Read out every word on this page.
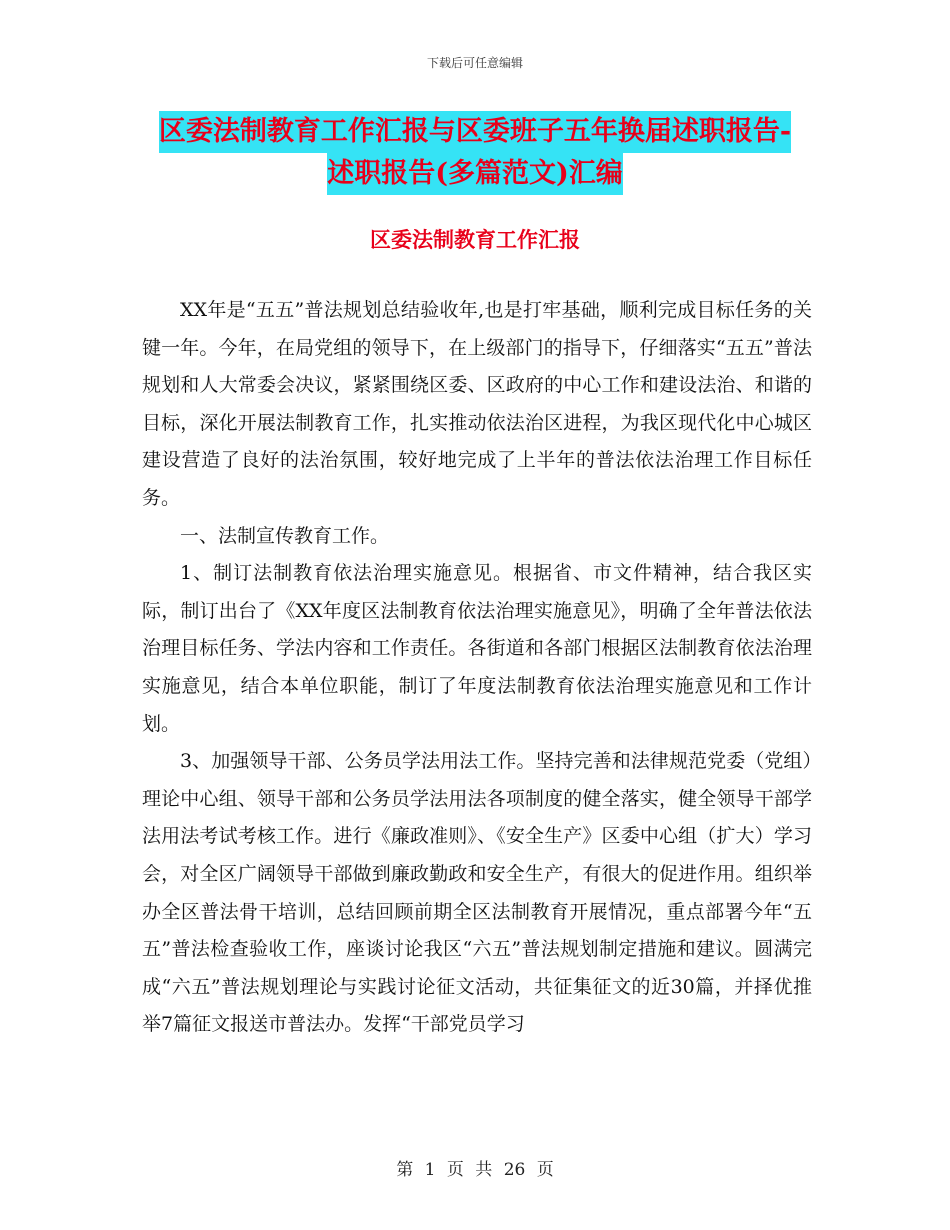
下载后可任意编辑
区委法制教育工作汇报与区委班子五年换届述职报告-
述职报告(多篇范文)汇编
区委法制教育工作汇报

XX年是“五五”普法规划总结验收年,也是打牢基础，顺利完成目标任务的关键一年。今年，在局党组的领导下，在上级部门的指导下，仔细落实“五五”普法规划和人大常委会决议，紧紧围绕区委、区政府的中心工作和建设法治、和谐的目标，深化开展法制教育工作，扎实推动依法治区进程，为我区现代化中心城区建设营造了良好的法治氛围，较好地完成了上半年的普法依法治理工作目标任务。

一、法制宣传教育工作。

1、制订法制教育依法治理实施意见。根据省、市文件精神，结合我区实际，制订出台了《XX年度区法制教育依法治理实施意见》，明确了全年普法依法治理目标任务、学法内容和工作责任。各街道和各部门根据区法制教育依法治理实施意见，结合本单位职能，制订了年度法制教育依法治理实施意见和工作计划。

3、加强领导干部、公务员学法用法工作。坚持完善和法律规范党委（党组）理论中心组、领导干部和公务员学法用法各项制度的健全落实，健全领导干部学法用法考试考核工作。进行《廉政准则》、《安全生产》区委中心组（扩大）学习会，对全区广阔领导干部做到廉政勤政和安全生产，有很大的促进作用。组织举办全区普法骨干培训，总结回顾前期全区法制教育开展情况，重点部署今年“五五”普法检查验收工作，座谈讨论我区“六五”普法规划制定措施和建议。圆满完成“六五”普法规划理论与实践讨论征文活动，共征集征文的近30篇，并择优推举7篇征文报送市普法办。发挥“干部党员学习

第 1 页 共 26 页
